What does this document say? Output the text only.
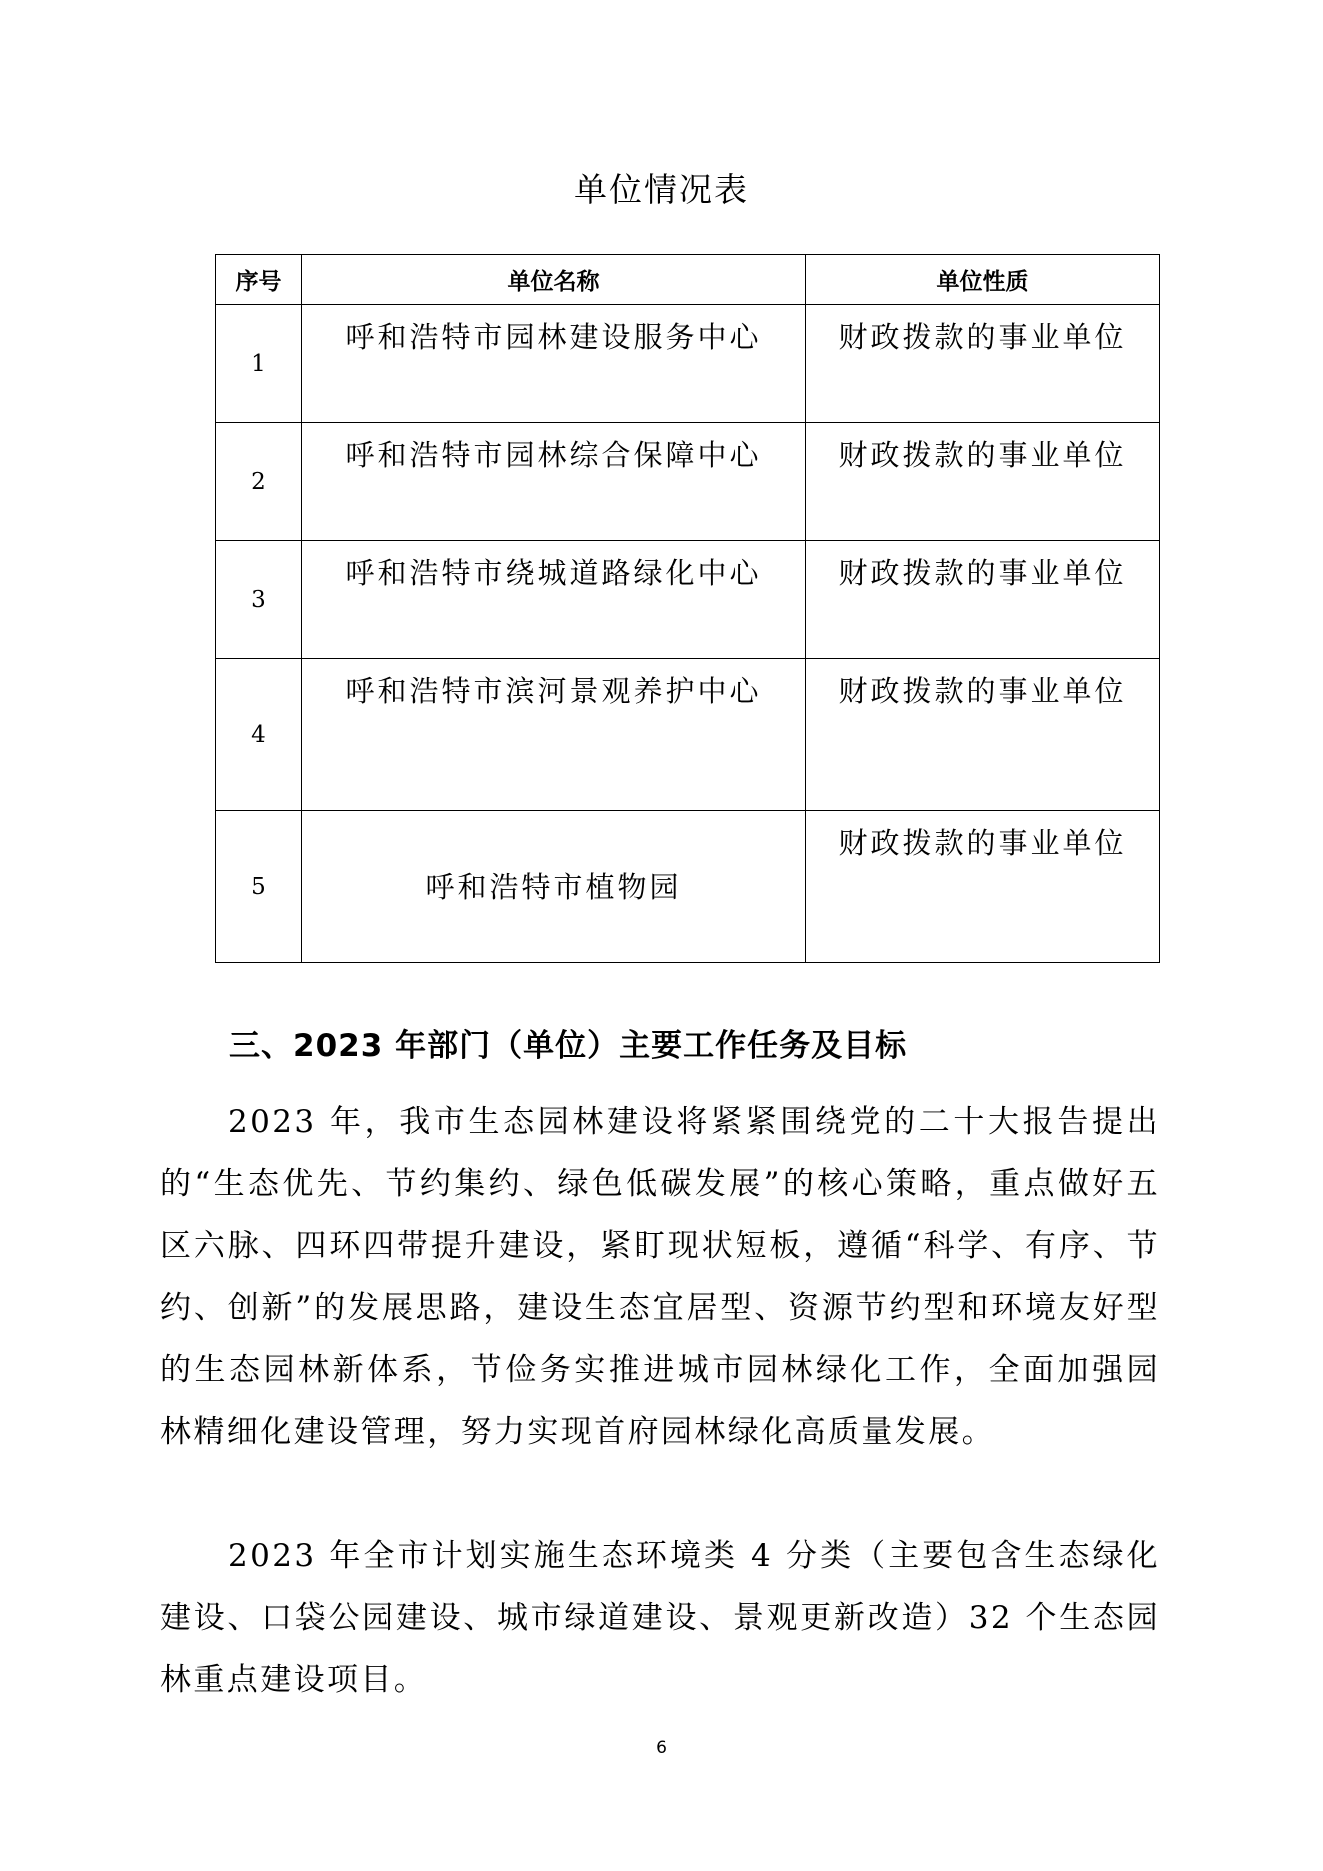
单位情况表
序号	单位名称	单位性质
1	呼和浩特市园林建设服务中心	财政拨款的事业单位
2	呼和浩特市园林综合保障中心	财政拨款的事业单位
3	呼和浩特市绕城道路绿化中心	财政拨款的事业单位
4	呼和浩特市滨河景观养护中心	财政拨款的事业单位
5	呼和浩特市植物园	财政拨款的事业单位
三、2023 年部门（单位）主要工作任务及目标

2023 年，我市生态园林建设将紧紧围绕党的二十大报告提出的“生态优先、节约集约、绿色低碳发展”的核心策略，重点做好五区六脉、四环四带提升建设，紧盯现状短板，遵循“科学、有序、节约、创新”的发展思路，建设生态宜居型、资源节约型和环境友好型的生态园林新体系，节俭务实推进城市园林绿化工作，全面加强园林精细化建设管理，努力实现首府园林绿化高质量发展。

2023 年全市计划实施生态环境类 4 分类（主要包含生态绿化建设、口袋公园建设、城市绿道建设、景观更新改造）32 个生态园林重点建设项目。

6
